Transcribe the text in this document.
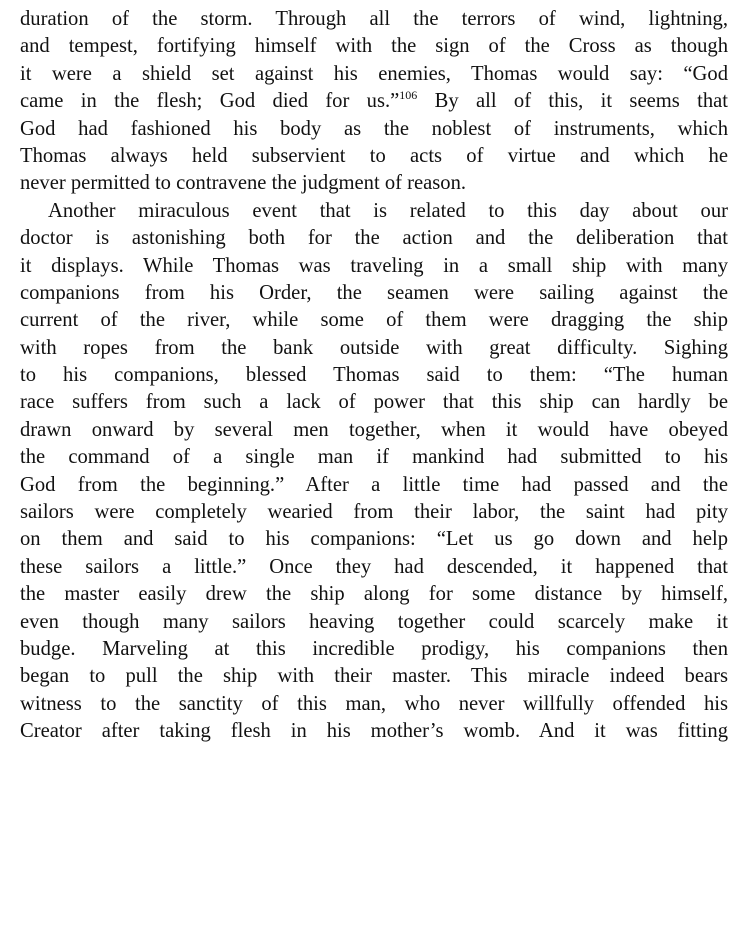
duration of the storm. Through all the terrors of wind, lightning,
and tempest, fortifying himself with the sign of the Cross as though
it were a shield set against his enemies, Thomas would say: “God
came in the flesh; God died for us.”$^{106}$ By all of this, it seems that
God had fashioned his body as the noblest of instruments, which
Thomas always held subservient to acts of virtue and which he
never permitted to contravene the judgment of reason.
Another miraculous event that is related to this day about our
doctor is astonishing both for the action and the deliberation that
it displays. While Thomas was traveling in a small ship with many
companions from his Order, the seamen were sailing against the
current of the river, while some of them were dragging the ship
with ropes from the bank outside with great difficulty. Sighing
to his companions, blessed Thomas said to them: “The human
race suffers from such a lack of power that this ship can hardly be
drawn onward by several men together, when it would have obeyed
the command of a single man if mankind had submitted to his
God from the beginning.” After a little time had passed and the
sailors were completely wearied from their labor, the saint had pity
on them and said to his companions: “Let us go down and help
these sailors a little.” Once they had descended, it happened that
the master easily drew the ship along for some distance by himself,
even though many sailors heaving together could scarcely make it
budge. Marveling at this incredible prodigy, his companions then
began to pull the ship with their master. This miracle indeed bears
witness to the sanctity of this man, who never willfully offended his
Creator after taking flesh in his mother’s womb. And it was fitting
